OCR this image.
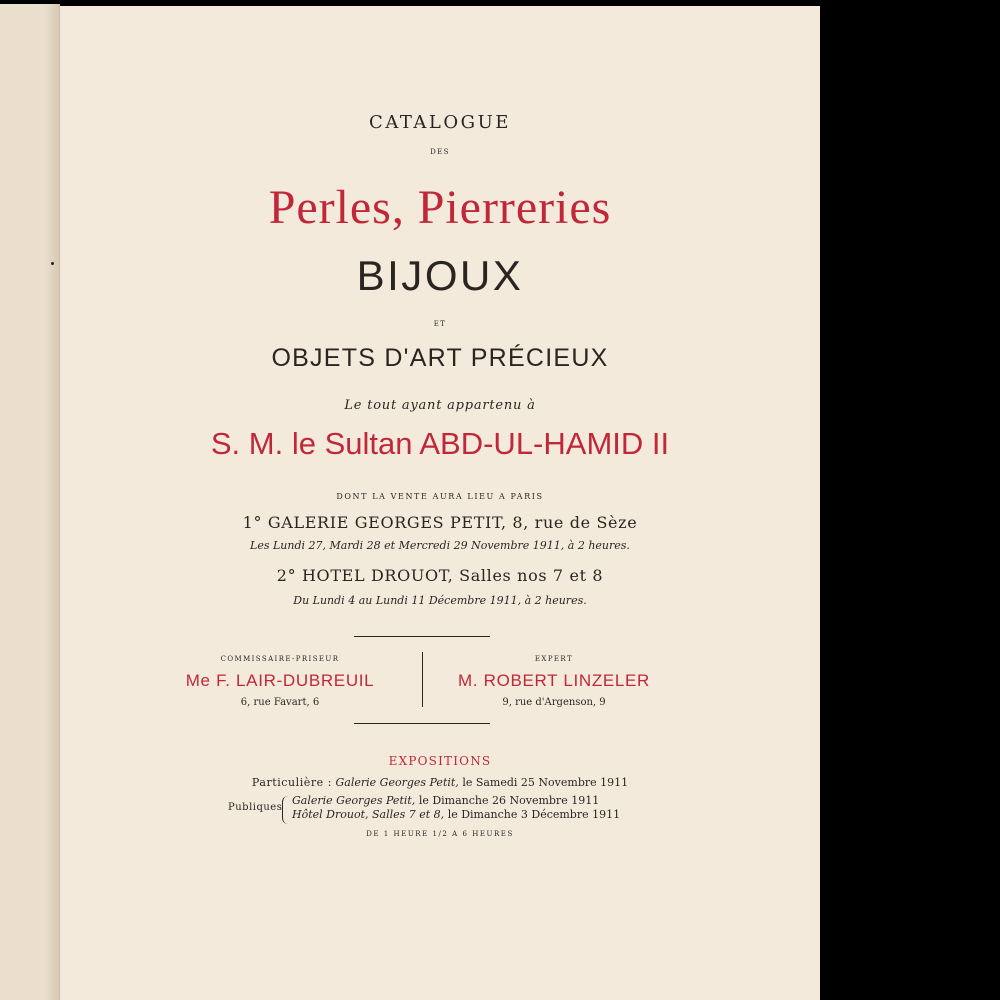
CATALOGUE
DES
Perles, Pierreries
BIJOUX
ET
OBJETS D'ART PRÉCIEUX
Le tout ayant appartenu à
S. M. le Sultan ABD-UL-HAMID II
DONT LA VENTE AURA LIEU A PARIS
1° GALERIE GEORGES PETIT, 8, rue de Sèze
Les Lundi 27, Mardi 28 et Mercredi 29 Novembre 1911, à 2 heures.
2° HOTEL DROUOT, Salles nos 7 et 8
Du Lundi 4 au Lundi 11 Décembre 1911, à 2 heures.
COMMISSAIRE-PRISEUR
Me F. LAIR-DUBREUIL
6, rue Favart, 6
EXPERT
M. ROBERT LINZELER
9, rue d'Argenson, 9
EXPOSITIONS
Particulière : Galerie Georges Petit, le Samedi 25 Novembre 1911
Publiques
Galerie Georges Petit, le Dimanche 26 Novembre 1911
Hôtel Drouot, Salles 7 et 8, le Dimanche 3 Décembre 1911
DE 1 HEURE 1/2 A 6 HEURES
